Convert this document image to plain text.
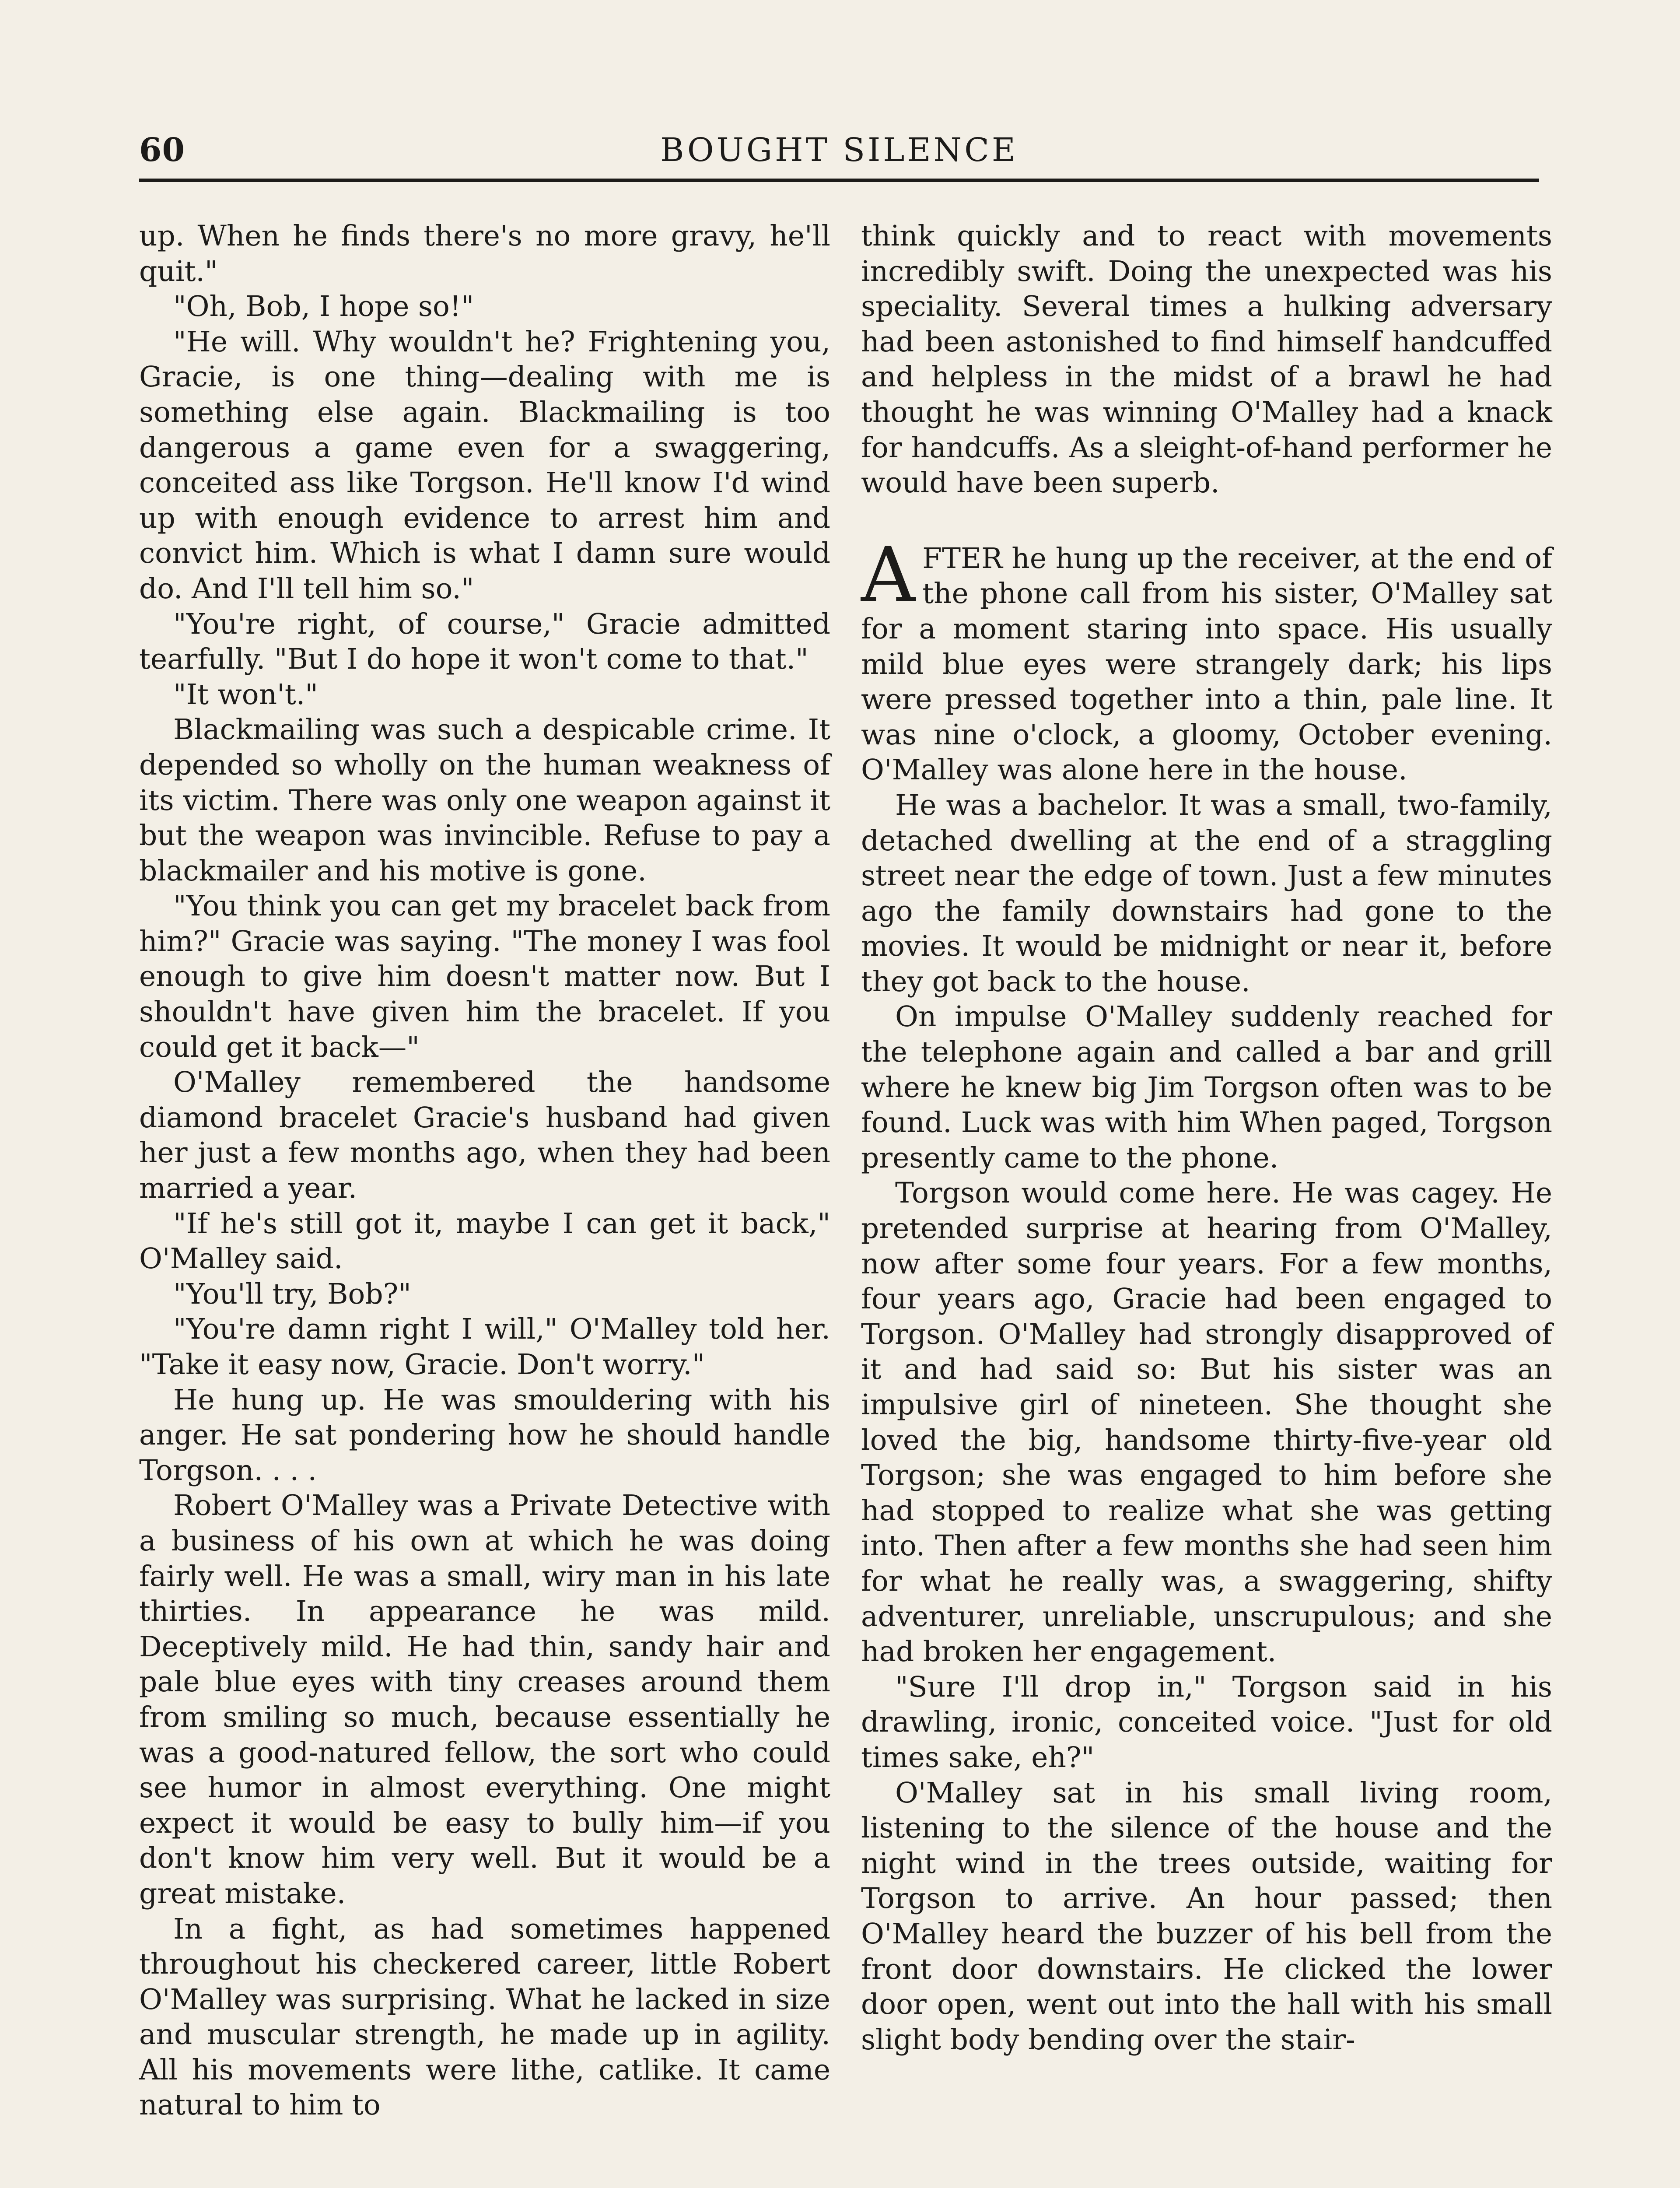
60	BOUGHT SILENCE

up. When he finds there's no more gravy, he'll quit."

"Oh, Bob, I hope so!"

"He will. Why wouldn't he? Frightening you, Gracie, is one thing—dealing with me is something else again. Blackmailing is too dangerous a game even for a swaggering, conceited ass like Torgson. He'll know I'd wind up with enough evidence to arrest him and convict him. Which is what I damn sure would do. And I'll tell him so."

"You're right, of course," Gracie admitted tearfully. "But I do hope it won't come to that."

"It won't."

Blackmailing was such a despicable crime. It depended so wholly on the human weakness of its victim. There was only one weapon against it but the weapon was invincible. Refuse to pay a blackmailer and his motive is gone.

"You think you can get my bracelet back from him?" Gracie was saying. "The money I was fool enough to give him doesn't matter now. But I shouldn't have given him the bracelet. If you could get it back—"

O'Malley remembered the handsome diamond bracelet Gracie's husband had given her just a few months ago, when they had been married a year.

"If he's still got it, maybe I can get it back," O'Malley said.

"You'll try, Bob?"

"You're damn right I will," O'Malley told her. "Take it easy now, Gracie. Don't worry."

He hung up. He was smouldering with his anger. He sat pondering how he should handle Torgson. . . .

Robert O'Malley was a Private Detective with a business of his own at which he was doing fairly well. He was a small, wiry man in his late thirties. In appearance he was mild. Deceptively mild. He had thin, sandy hair and pale blue eyes with tiny creases around them from smiling so much, because essentially he was a good-natured fellow, the sort who could see humor in almost everything. One might expect it would be easy to bully him—if you don't know him very well. But it would be a great mistake.

In a fight, as had sometimes happened throughout his checkered career, little Robert O'Malley was surprising. What he lacked in size and muscular strength, he made up in agility. All his movements were lithe, catlike. It came natural to him to

think quickly and to react with movements incredibly swift. Doing the unexpected was his speciality. Several times a hulking adversary had been astonished to find himself handcuffed and helpless in the midst of a brawl he had thought he was winning O'Malley had a knack for handcuffs. As a sleight-of-hand performer he would have been superb.

AFTER he hung up the receiver, at the end of the phone call from his sister, O'Malley sat for a moment staring into space. His usually mild blue eyes were strangely dark; his lips were pressed together into a thin, pale line. It was nine o'clock, a gloomy, October evening. O'Malley was alone here in the house.

He was a bachelor. It was a small, two-family, detached dwelling at the end of a straggling street near the edge of town. Just a few minutes ago the family downstairs had gone to the movies. It would be midnight or near it, before they got back to the house.

On impulse O'Malley suddenly reached for the telephone again and called a bar and grill where he knew big Jim Torgson often was to be found. Luck was with him When paged, Torgson presently came to the phone.

Torgson would come here. He was cagey. He pretended surprise at hearing from O'Malley, now after some four years. For a few months, four years ago, Gracie had been engaged to Torgson. O'Malley had strongly disapproved of it and had said so: But his sister was an impulsive girl of nineteen. She thought she loved the big, handsome thirty-five-year old Torgson; she was engaged to him before she had stopped to realize what she was getting into. Then after a few months she had seen him for what he really was, a swaggering, shifty adventurer, unreliable, unscrupulous; and she had broken her engagement.

"Sure I'll drop in," Torgson said in his drawling, ironic, conceited voice. "Just for old times sake, eh?"

O'Malley sat in his small living room, listening to the silence of the house and the night wind in the trees outside, waiting for Torgson to arrive. An hour passed; then O'Malley heard the buzzer of his bell from the front door downstairs. He clicked the lower door open, went out into the hall with his small slight body bending over the stair-
